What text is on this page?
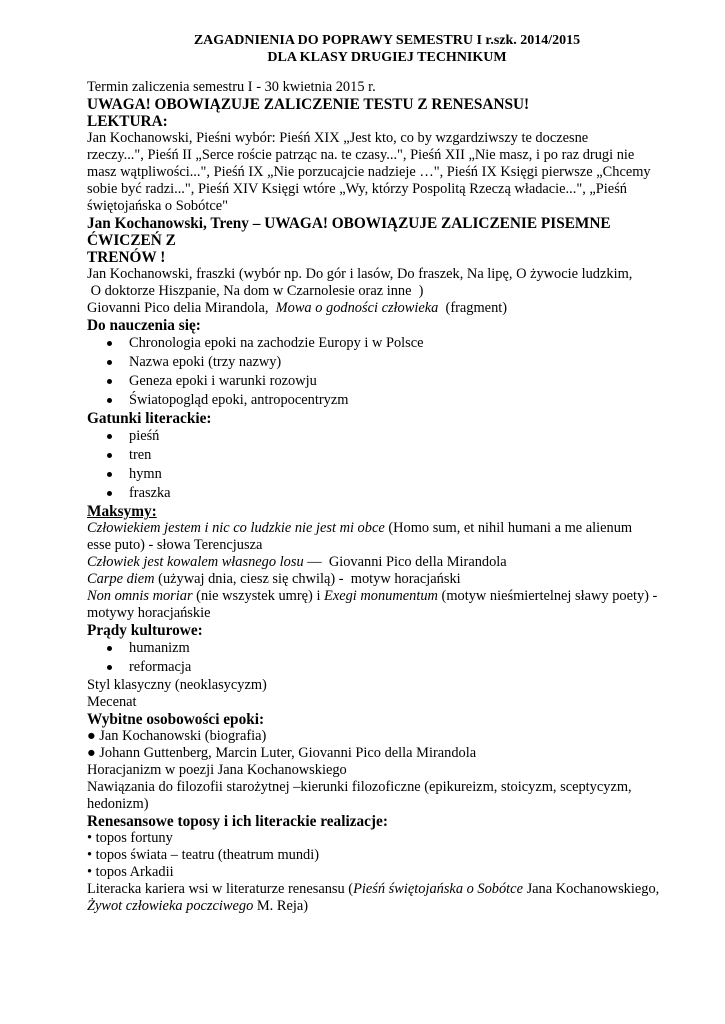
ZAGADNIENIA DO POPRAWY SEMESTRU I r.szk. 2014/2015
DLA KLASY DRUGIEJ TECHNIKUM

Termin zaliczenia semestru I - 30 kwietnia 2015 r.

UWAGA! OBOWIĄZUJE ZALICZENIE TESTU Z RENESANSU!

LEKTURA:

Jan Kochanowski, Pieśni wybór: Pieśń XIX „Jest kto, co by wzgardziwszy te doczesne

rzeczy...", Pieśń II „Serce roście patrząc na. te czasy...", Pieśń XII „Nie masz, i po raz drugi nie

masz wątpliwości...", Pieśń IX „Nie porzucajcie nadzieje …", Pieśń IX Księgi pierwsze „Chcemy

sobie być radzi...", Pieśń XIV Księgi wtóre „Wy, którzy Pospolitą Rzeczą władacie...", „Pieśń

świętojańska o Sobótce"

Jan Kochanowski, Treny – UWAGA! OBOWIĄZUJE ZALICZENIE PISEMNE ĆWICZEŃ Z

TRENÓW !

Jan Kochanowski, fraszki (wybór np. Do gór i lasów, Do fraszek, Na lipę, O żywocie ludzkim,

O doktorze Hiszpanie, Na dom w Czarnolesie oraz inne  )

Giovanni Pico delia Mirandola,  Mowa o godności człowieka  (fragment)

Do nauczenia się:

Chronologia epoki na zachodzie Europy i w Polsce
Nazwa epoki (trzy nazwy)
Geneza epoki i warunki rozowju
Światopogląd epoki, antropocentryzm

Gatunki literackie:

pieśń
tren
hymn
fraszka

Maksymy:

Człowiekiem jestem i nic co ludzkie nie jest mi obce (Homo sum, et nihil humani a me alienum

esse puto) - słowa Terencjusza

Człowiek jest kowalem własnego losu —  Giovanni Pico della Mirandola

Carpe diem (używaj dnia, ciesz się chwilą) -  motyw horacjański

Non omnis moriar (nie wszystek umrę) i Exegi monumentum (motyw nieśmiertelnej sławy poety) -

motywy horacjańskie

Prądy kulturowe:

humanizm
reformacja

Styl klasyczny (neoklasycyzm)

Mecenat

Wybitne osobowości epoki:

● Jan Kochanowski (biografia)

● Johann Guttenberg, Marcin Luter, Giovanni Pico della Mirandola

Horacjanizm w poezji Jana Kochanowskiego

Nawiązania do filozofii starożytnej –kierunki filozoficzne (epikureizm, stoicyzm, sceptycyzm,

hedonizm)

Renesansowe toposy i ich literackie realizacje:

• topos fortuny

• topos świata – teatru (theatrum mundi)

• topos Arkadii

Literacka kariera wsi w literaturze renesansu (Pieśń świętojańska o Sobótce Jana Kochanowskiego,

Żywot człowieka poczciwego M. Reja)
